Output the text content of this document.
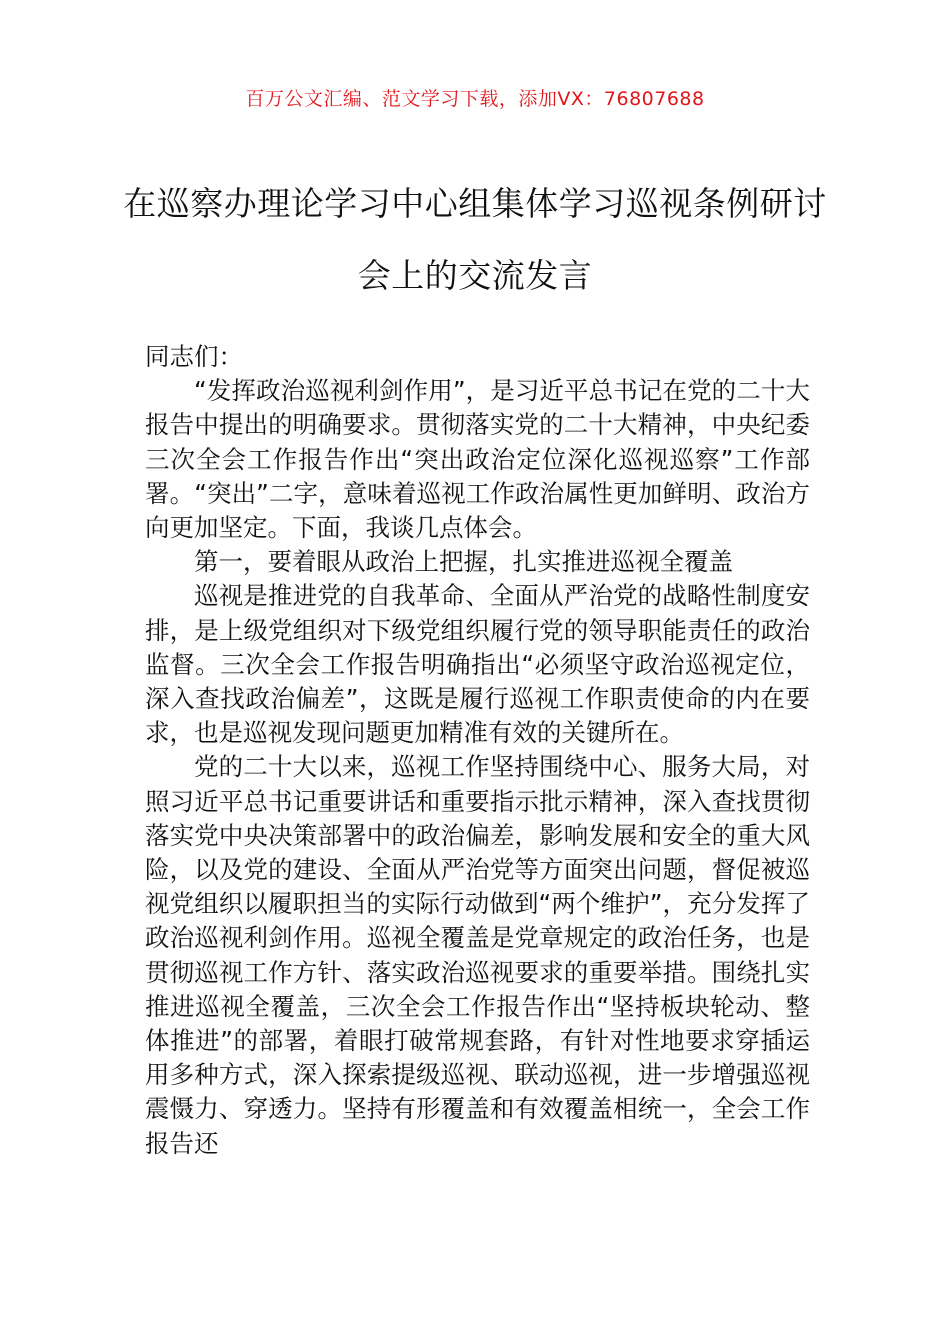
百万公文汇编、范文学习下载，添加VX：76807688
在巡察办理论学习中心组集体学习巡视条例研讨会上的交流发言

同志们：

“发挥政治巡视利剑作用”，是习近平总书记在党的二十大报告中提出的明确要求。贯彻落实党的二十大精神，中央纪委三次全会工作报告作出“突出政治定位深化巡视巡察”工作部署。“突出”二字，意味着巡视工作政治属性更加鲜明、政治方向更加坚定。下面，我谈几点体会。

第一，要着眼从政治上把握，扎实推进巡视全覆盖

巡视是推进党的自我革命、全面从严治党的战略性制度安排，是上级党组织对下级党组织履行党的领导职能责任的政治监督。三次全会工作报告明确指出“必须坚守政治巡视定位，深入查找政治偏差”，这既是履行巡视工作职责使命的内在要求，也是巡视发现问题更加精准有效的关键所在。

党的二十大以来，巡视工作坚持围绕中心、服务大局，对照习近平总书记重要讲话和重要指示批示精神，深入查找贯彻落实党中央决策部署中的政治偏差，影响发展和安全的重大风险，以及党的建设、全面从严治党等方面突出问题，督促被巡视党组织以履职担当的实际行动做到“两个维护”，充分发挥了政治巡视利剑作用。巡视全覆盖是党章规定的政治任务，也是贯彻巡视工作方针、落实政治巡视要求的重要举措。围绕扎实推进巡视全覆盖，三次全会工作报告作出“坚持板块轮动、整体推进”的部署，着眼打破常规套路，有针对性地要求穿插运用多种方式，深入探索提级巡视、联动巡视，进一步增强巡视震慑力、穿透力。坚持有形覆盖和有效覆盖相统一，全会工作报告还
